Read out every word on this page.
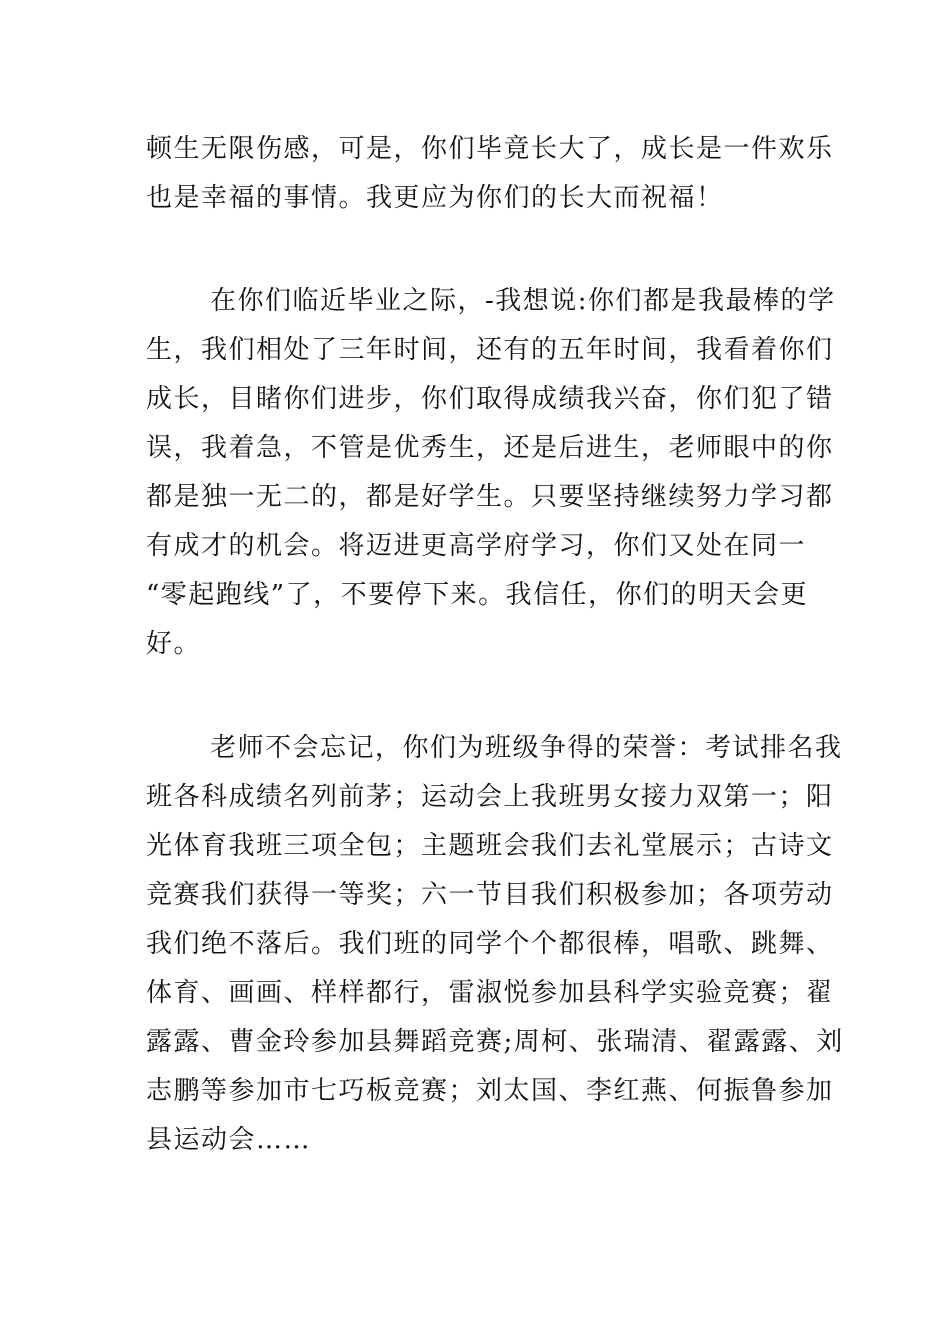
顿生无限伤感，可是，你们毕竟长大了，成长是一件欢乐
也是幸福的事情。我更应为你们的长大而祝福！
在你们临近毕业之际，-我想说:你们都是我最棒的学
生，我们相处了三年时间，还有的五年时间，我看着你们
成长，目睹你们进步，你们取得成绩我兴奋，你们犯了错
误，我着急，不管是优秀生，还是后进生，老师眼中的你
都是独一无二的，都是好学生。只要坚持继续努力学习都
有成才的机会。将迈进更高学府学习，你们又处在同一
“零起跑线”了，不要停下来。我信任，你们的明天会更
好。
老师不会忘记，你们为班级争得的荣誉：考试排名我
班各科成绩名列前茅；运动会上我班男女接力双第一；阳
光体育我班三项全包；主题班会我们去礼堂展示；古诗文
竞赛我们获得一等奖；六一节目我们积极参加；各项劳动
我们绝不落后。我们班的同学个个都很棒，唱歌、跳舞、
体育、画画、样样都行，雷淑悦参加县科学实验竞赛；翟
露露、曹金玲参加县舞蹈竞赛;周柯、张瑞清、翟露露、刘
志鹏等参加市七巧板竞赛；刘太国、李红燕、何振鲁参加
县运动会……
